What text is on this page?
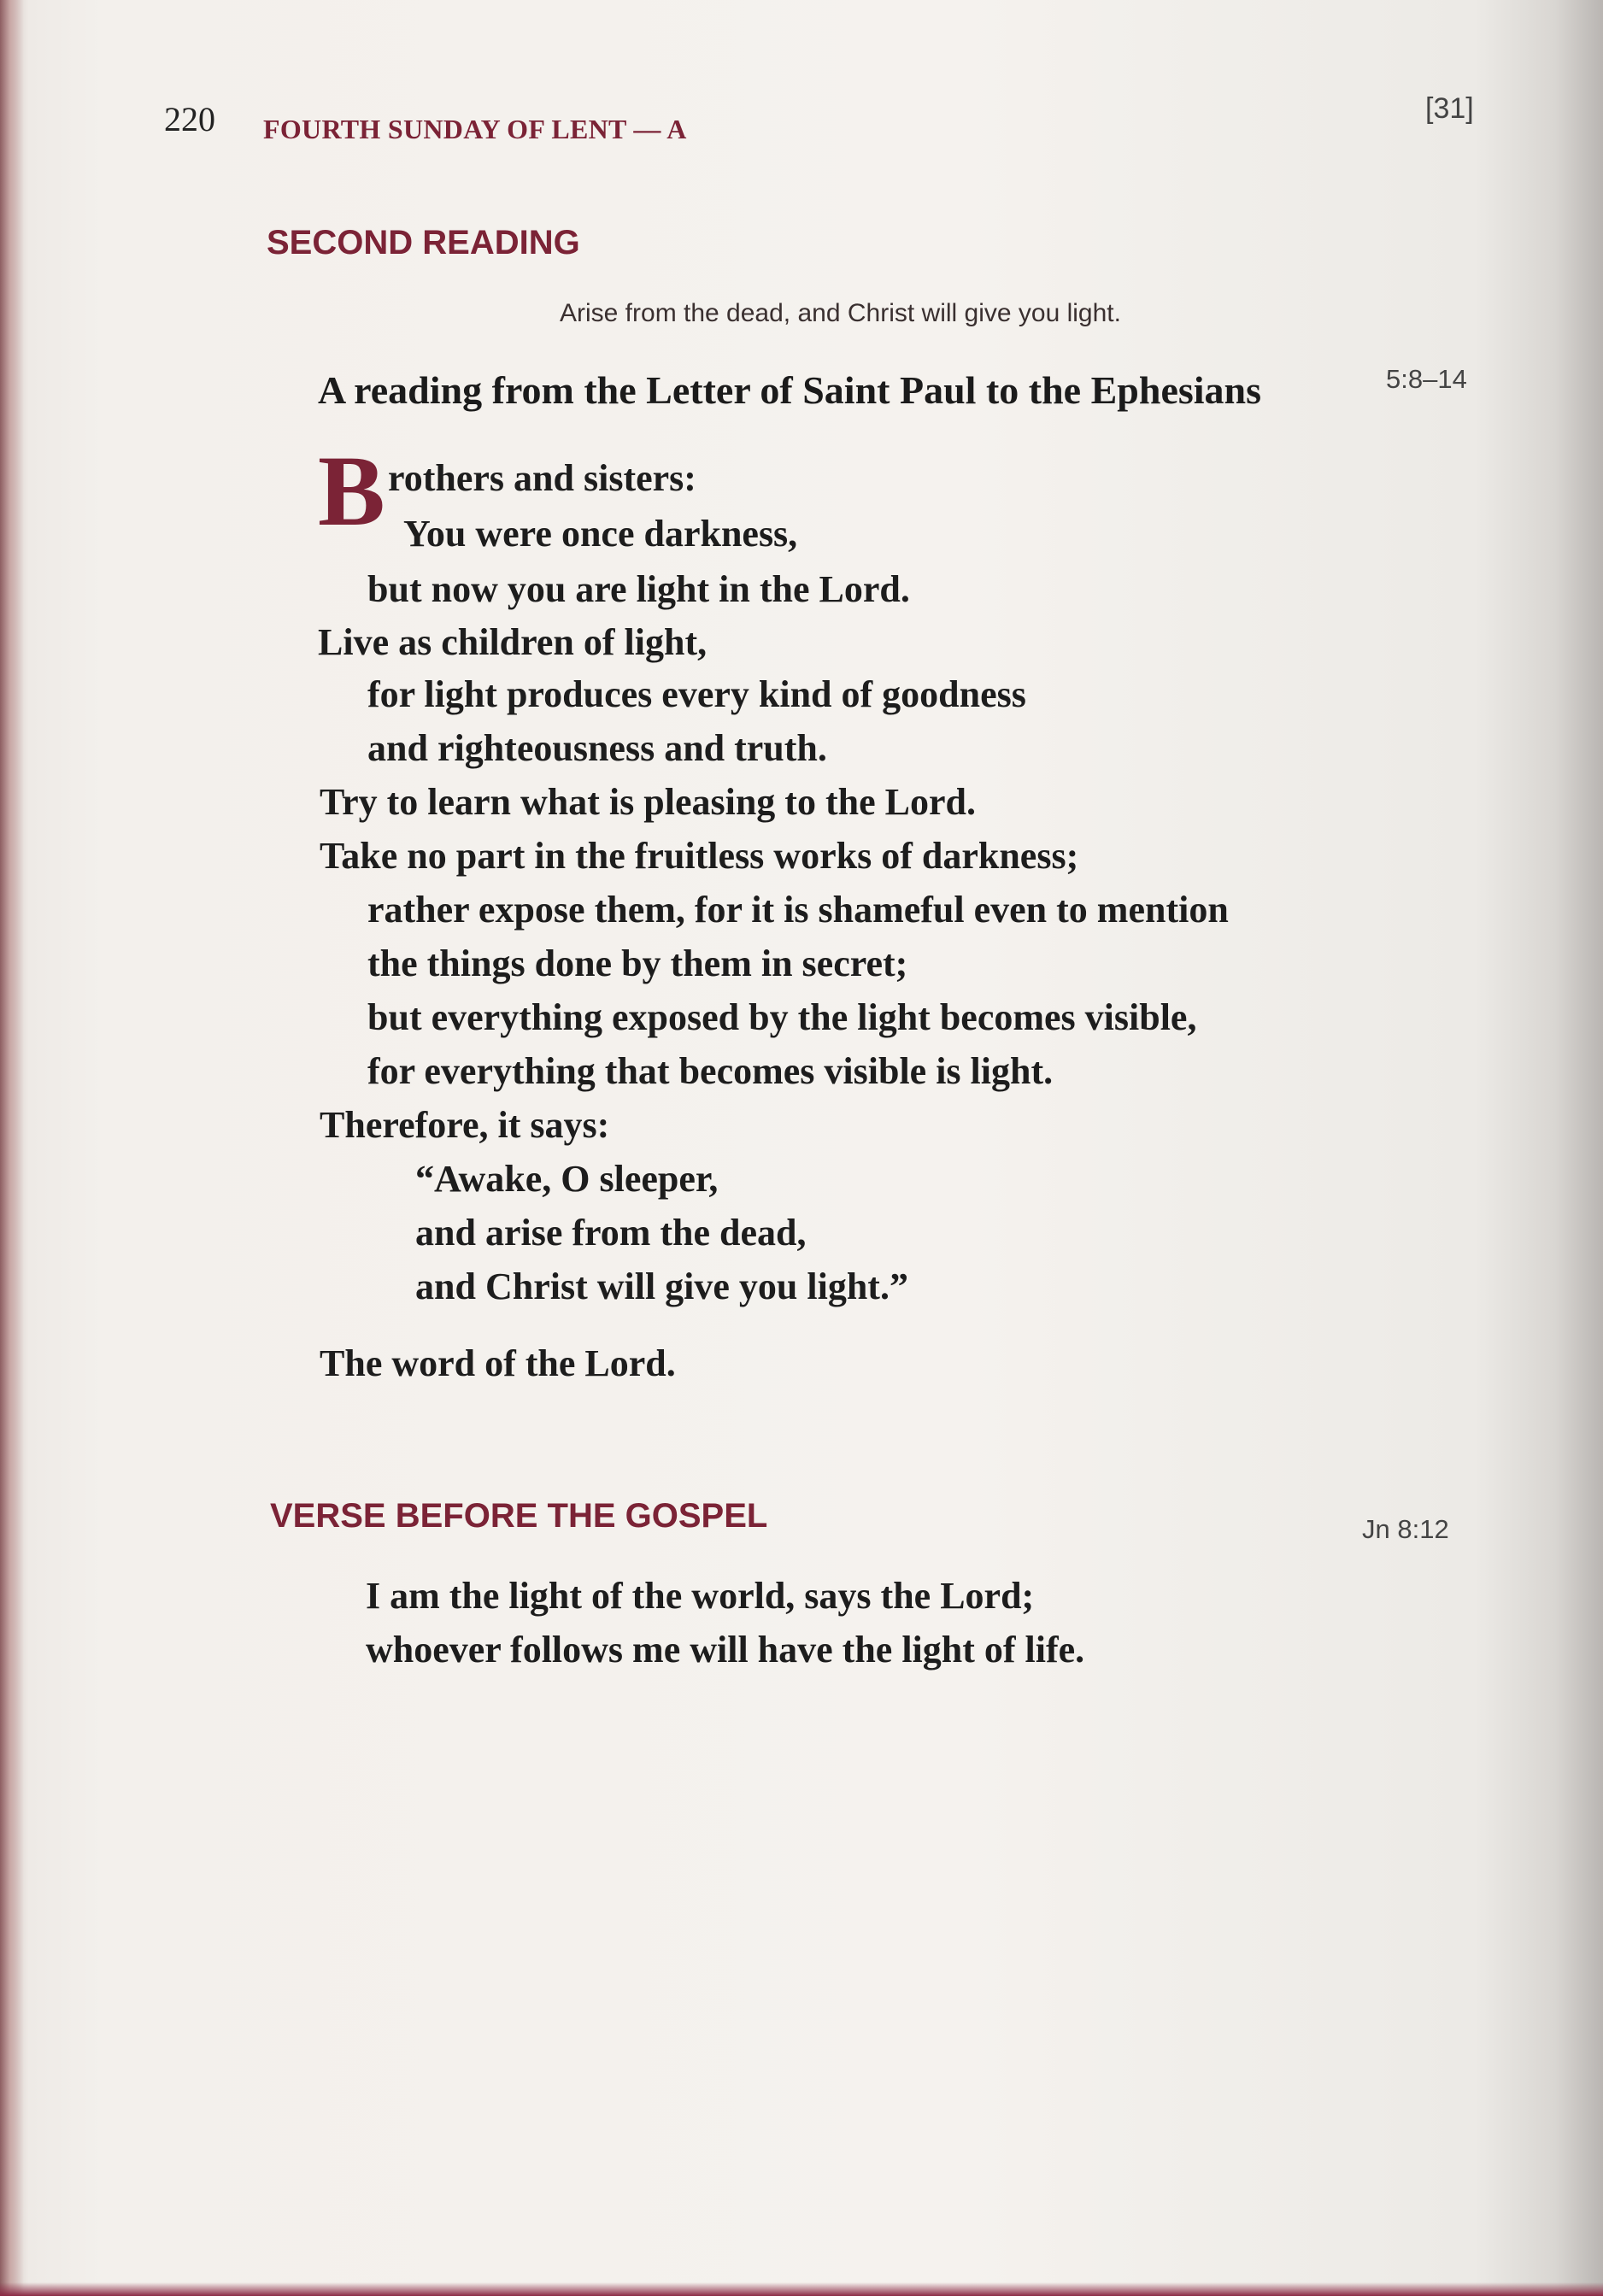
220 FOURTH SUNDAY OF LENT — A
[31]
SECOND READING
Arise from the dead, and Christ will give you light.
A reading from the Letter of Saint Paul to the Ephesians	5:8–14
B rothers and sisters:
You were once darkness,
but now you are light in the Lord.
Live as children of light,
for light produces every kind of goodness
and righteousness and truth.
Try to learn what is pleasing to the Lord.
Take no part in the fruitless works of darkness;
rather expose them, for it is shameful even to mention
the things done by them in secret;
but everything exposed by the light becomes visible,
for everything that becomes visible is light.
Therefore, it says:
“Awake, O sleeper,
and arise from the dead,
and Christ will give you light.”
The word of the Lord.
VERSE BEFORE THE GOSPEL	Jn 8:12
I am the light of the world, says the Lord;
whoever follows me will have the light of life.
